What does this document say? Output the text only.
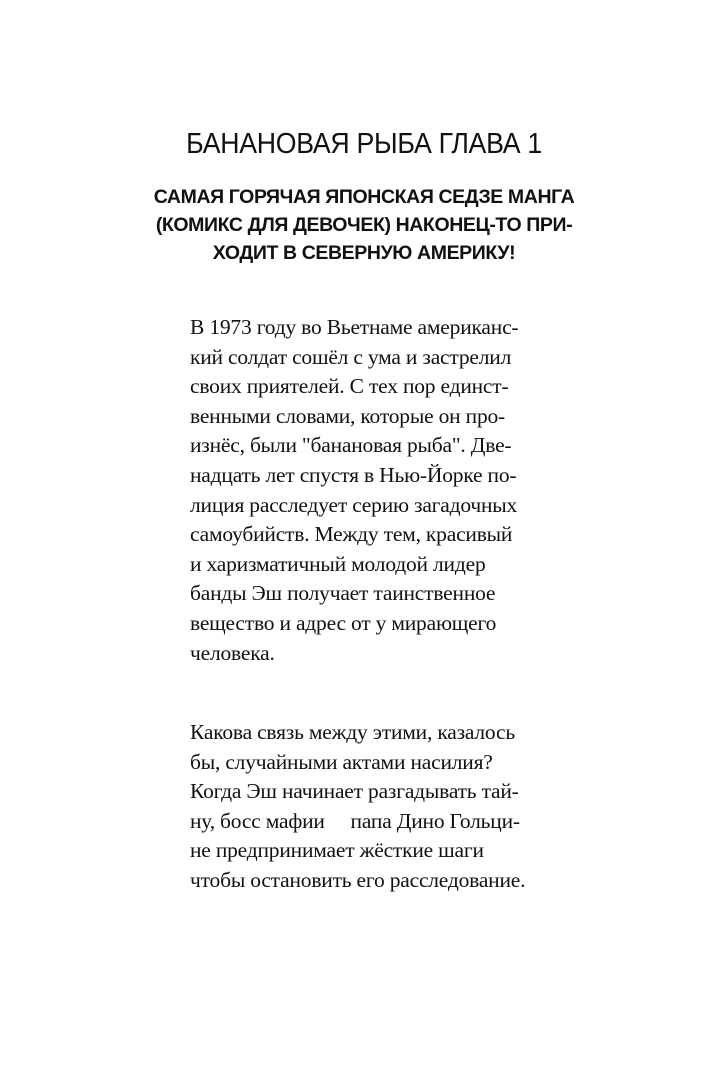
БАНАНОВАЯ РЫБА ГЛАВА 1
САМАЯ ГОРЯЧАЯ ЯПОНСКАЯ СЕДЗЕ МАНГА
(КОМИКС ДЛЯ ДЕВОЧЕК) НАКОНЕЦ-ТО ПРИ-
ХОДИТ В СЕВЕРНУЮ АМЕРИКУ!
В 1973 году во Вьетнаме американс-
кий солдат сошёл с ума и застрелил
своих приятелей. С тех пор единст-
венными словами, которые он про-
изнёс, были "банановая рыба". Две-
надцать лет спустя в Нью-Йорке по-
лиция расследует серию загадочных
самоубийств. Между тем, красивый
и харизматичный молодой лидер
банды Эш получает таинственное
вещество и адрес от у мирающего
человека.
Какова связь между этими, казалось
бы, случайными актами насилия?
Когда Эш начинает разгадывать тай-
ну, босс мафии     папа Дино Гольци-
не предпринимает жёсткие шаги
чтобы остановить его расследование.
